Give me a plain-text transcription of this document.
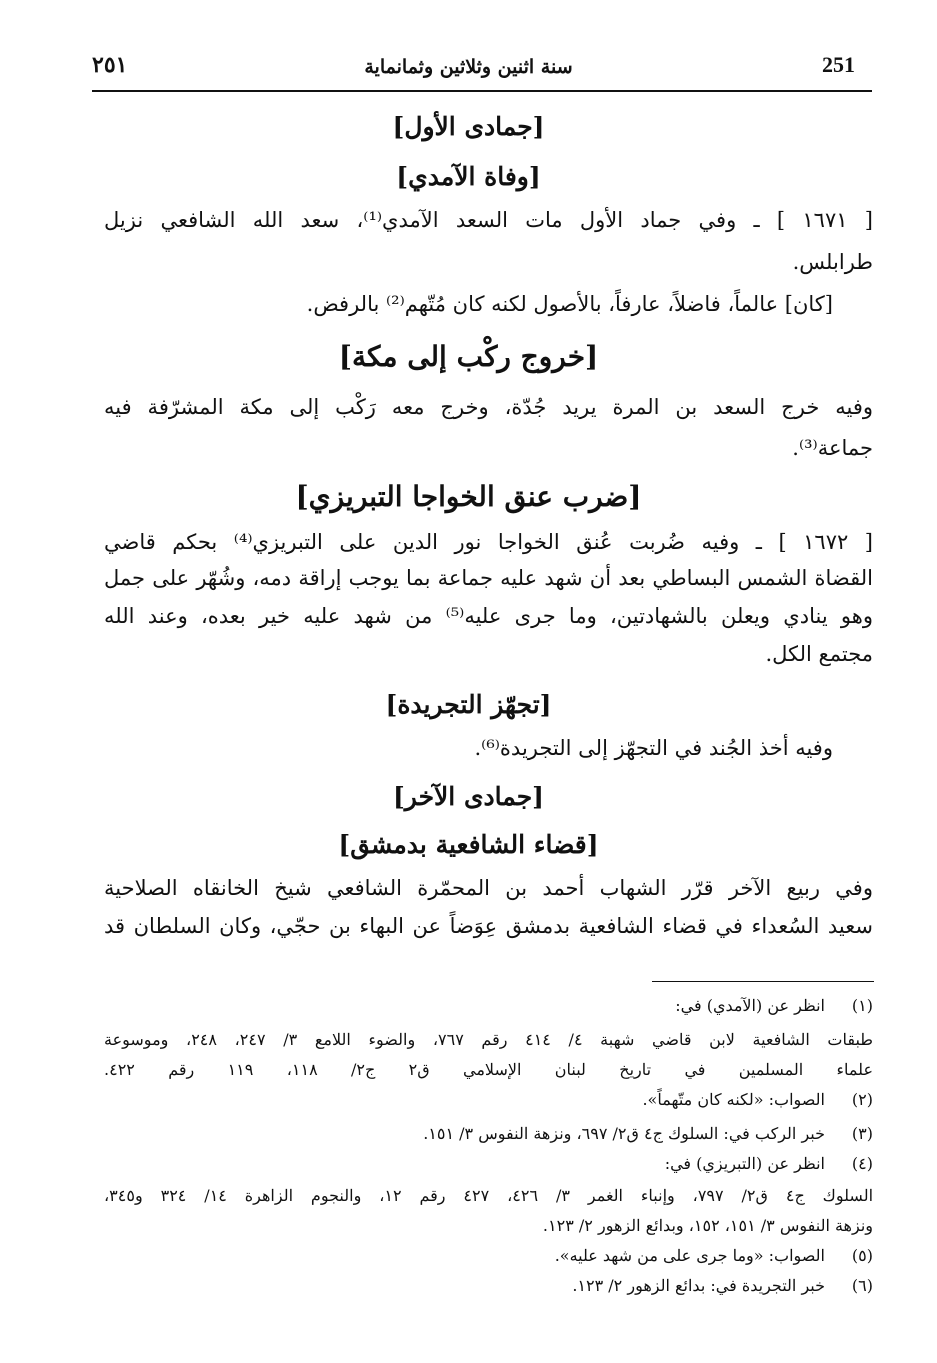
٢٥١	سنة اثنين وثلاثين وثمانماية	251
[جمادى الأول]
[وفاة الآمدي]
[ ١٦٧١ ] ـ وفي جماد الأول مات السعد الآمدي⁽¹⁾، سعد الله الشافعي نزيل
طرابلس.
[كان] عالماً، فاضلاً، عارفاً، بالأصول لكنه كان مُتّهم⁽²⁾ بالرفض.
[خروج ركْب إلى مكة]
وفيه خرج السعد بن المرة يريد جُدّة، وخرج معه رَكْب إلى مكة المشرّفة فيه
جماعة⁽³⁾.
[ضرب عنق الخواجا التبريزي]
[ ١٦٧٢ ] ـ وفيه ضُربت عُنق الخواجا نور الدين على التبريزي⁽⁴⁾ بحكم قاضي
القضاة الشمس البساطي بعد أن شهد عليه جماعة بما يوجب إراقة دمه، وشُهّر على جمل
وهو ينادي ويعلن بالشهادتين، وما جرى عليه⁽⁵⁾ من شهد عليه خير بعده، وعند الله
مجتمع الكل.
[تجهّز التجريدة]
وفيه أخذ الجُند في التجهّز إلى التجريدة⁽⁶⁾.
[جمادى الآخر]
[قضاء الشافعية بدمشق]
وفي ربيع الآخر قرّر الشهاب أحمد بن المحمّرة الشافعي شيخ الخانقاه الصلاحية
سعيد السُعداء في قضاء الشافعية بدمشق عِوَضاً عن البهاء بن حجّي، وكان السلطان قد
(١)
انظر عن (الآمدي) في:
طبقات الشافعية لابن قاضي شهبة ٤/ ٤١٤ رقم ٧٦٧، والضوء اللامع ٣/ ٢٤٧، ٢٤٨، وموسوعة
علماء المسلمين في تاريخ لبنان الإسلامي ق٢ ج٢/ ١١٨، ١١٩ رقم ٤٢٢.
(٢)
الصواب: «لكنه كان متّهماً».
(٣)
خبر الركب في: السلوك ج٤ ق٢/ ٦٩٧، ونزهة النفوس ٣/ ١٥١.
(٤)
انظر عن (التبريزي) في:
السلوك ج٤ ق٢/ ٧٩٧، وإنباء الغمر ٣/ ٤٢٦، ٤٢٧ رقم ١٢، والنجوم الزاهرة ١٤/ ٣٢٤ و٣٤٥،
ونزهة النفوس ٣/ ١٥١، ١٥٢، وبدائع الزهور ٢/ ١٢٣.
(٥)
الصواب: «وما جرى على من شهد عليه».
(٦)
خبر التجريدة في: بدائع الزهور ٢/ ١٢٣.
